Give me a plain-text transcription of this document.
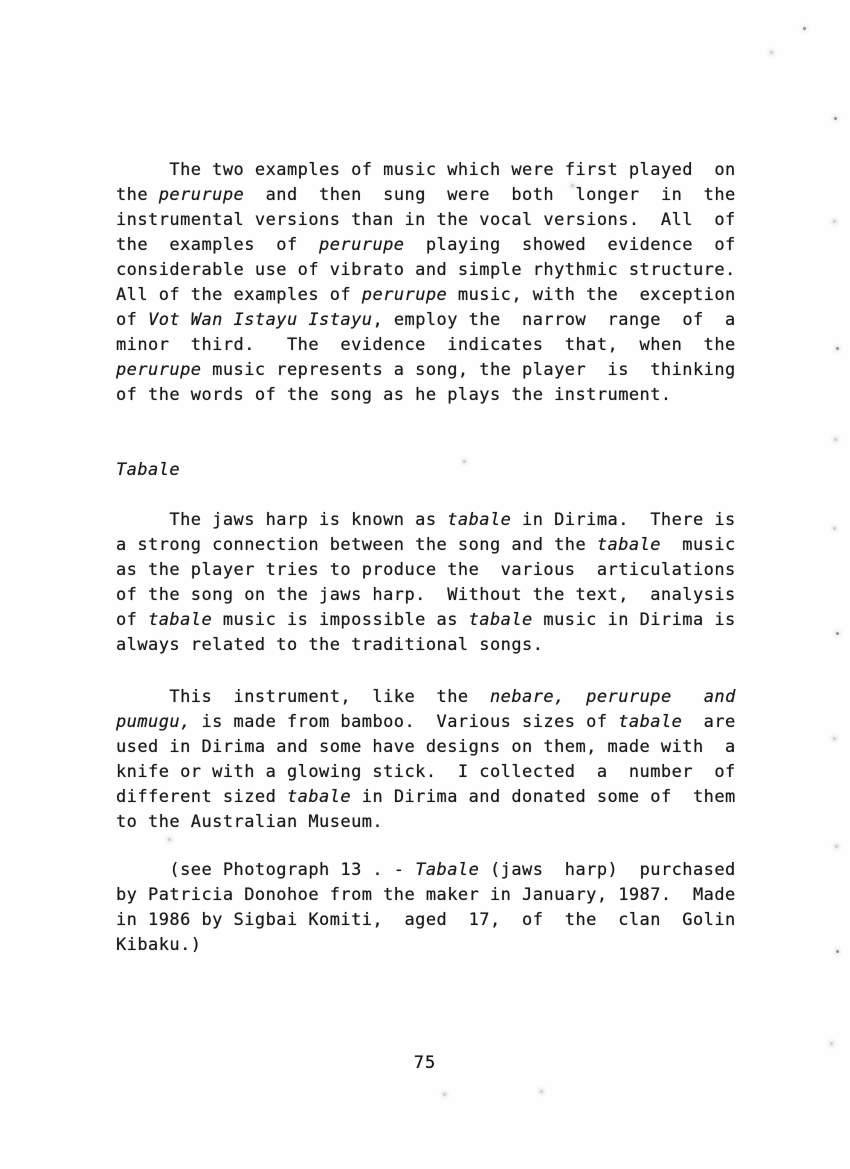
The two examples of music which were first played  on
the perurupe  and  then  sung  were  both  longer  in  the
instrumental versions than in the vocal versions.  All  of
the  examples  of  perurupe  playing  showed  evidence  of
considerable use of vibrato and simple rhythmic structure.
All of the examples of perurupe music, with the  exception
of Vot Wan Istayu Istayu, employ the  narrow  range  of  a
minor  third.   The  evidence  indicates  that,  when  the
perurupe music represents a song, the player  is  thinking
of the words of the song as he plays the instrument.
Tabale
The jaws harp is known as tabale in Dirima.  There is
a strong connection between the song and the tabale  music
as the player tries to produce the  various  articulations
of the song on the jaws harp.  Without the text,  analysis
of tabale music is impossible as tabale music in Dirima is
always related to the traditional songs.
This  instrument,  like  the  nebare, perurupe and
pumugu, is made from bamboo.  Various sizes of tabale  are
used in Dirima and some have designs on them, made with  a
knife or with a glowing stick.  I collected  a  number  of
different sized tabale in Dirima and donated some of  them
to the Australian Museum.
(see Photograph 13 . - Tabale (jaws  harp)  purchased
by Patricia Donohoe from the maker in January, 1987.  Made
in 1986 by Sigbai Komiti,  aged  17,  of  the  clan  Golin
Kibaku.)
75
